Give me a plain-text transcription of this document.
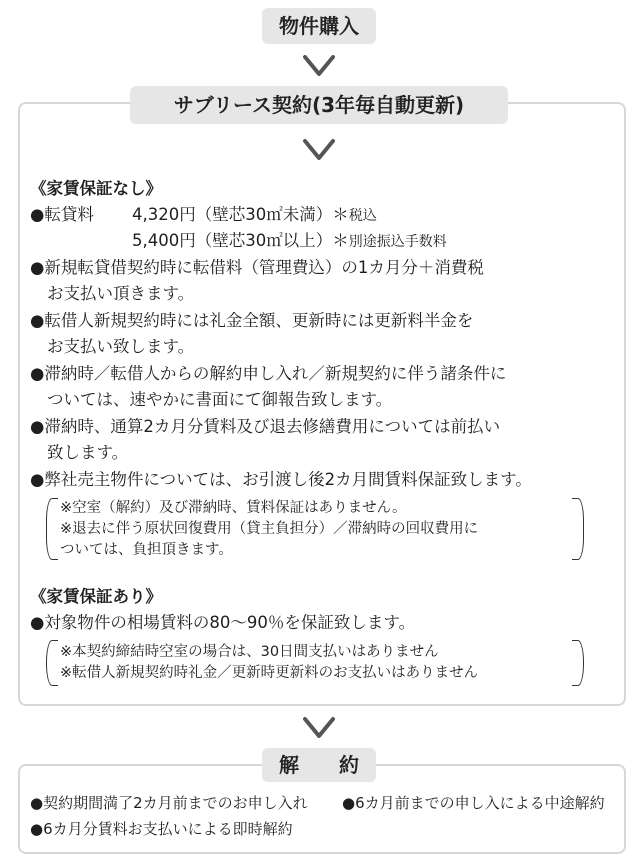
物件購入
サブリース契約(3年毎自動更新)
《家賃保証なし》
●転貸料 4,320円（壁芯30㎡未満）＊税込
5,400円（壁芯30㎡以上）＊別途振込手数料
●新規転貸借契約時に転借料（管理費込）の1カ月分＋消費税
お支払い頂きます。
●転借人新規契約時には礼金全額、更新時には更新料半金を
お支払い致します。
●滞納時／転借人からの解約申し入れ／新規契約に伴う諸条件に
ついては、速やかに書面にて御報告致します。
●滞納時、通算2カ月分賃料及び退去修繕費用については前払い
致します。
●弊社売主物件については、お引渡し後2カ月間賃料保証致します。
※空室（解約）及び滞納時、賃料保証はありません。
※退去に伴う原状回復費用（貸主負担分）／滞納時の回収費用に
ついては、負担頂きます。
《家賃保証あり》
●対象物件の相場賃料の80～90％を保証致します。
※本契約締結時空室の場合は、30日間支払いはありません
※転借人新規契約時礼金／更新時更新料のお支払いはありません
解　　約
●契約期間満了2カ月前までのお申し入れ ●6カ月前までの申し入による中途解約
●6カ月分賃料お支払いによる即時解約
